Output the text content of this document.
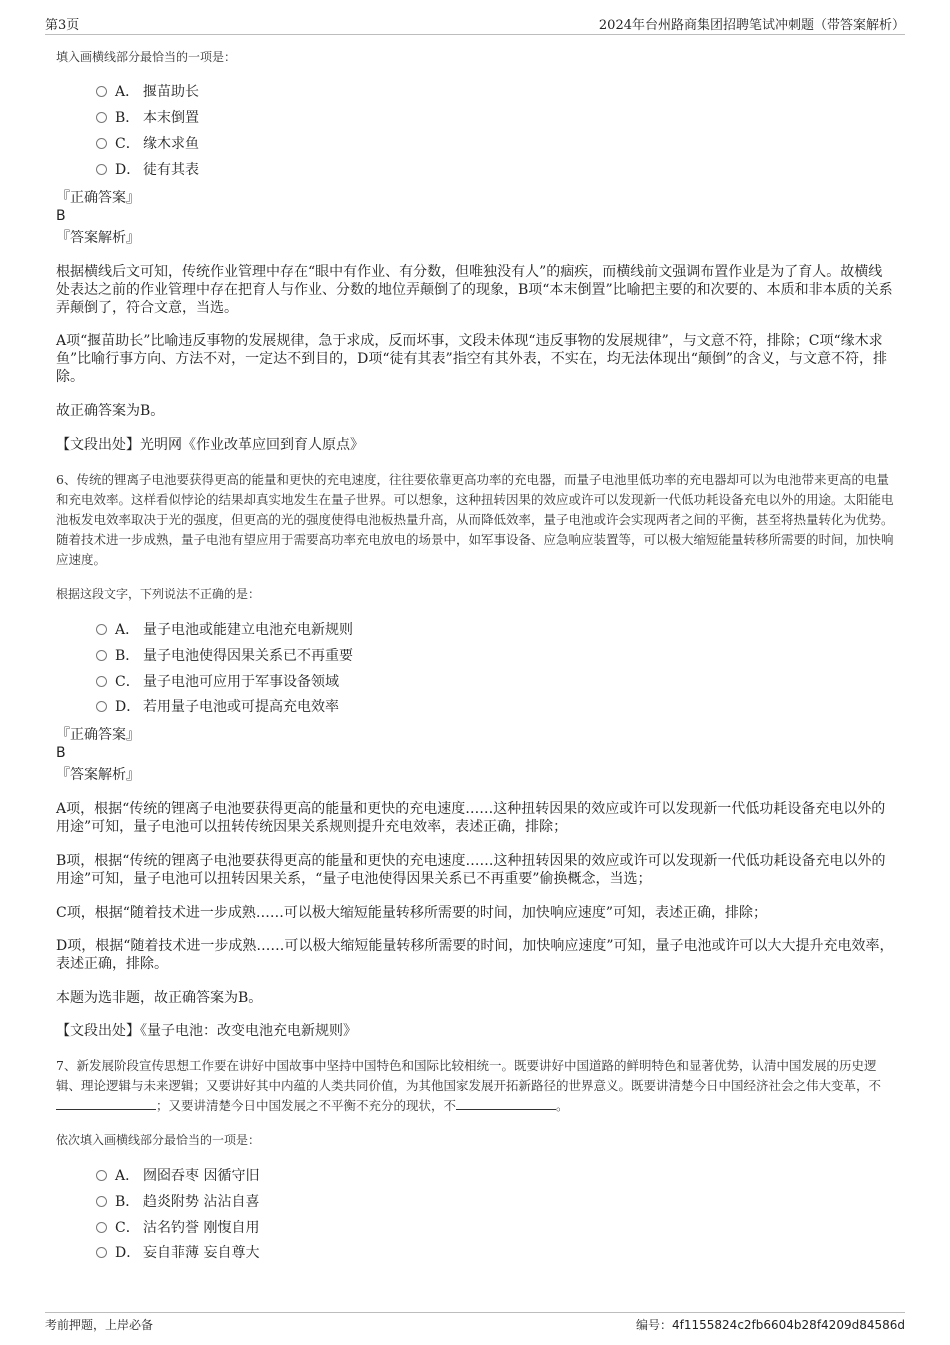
第3页	2024年台州路商集团招聘笔试冲刺题（带答案解析）
填入画横线部分最恰当的一项是：
A． 揠苗助长
B． 本末倒置
C． 缘木求鱼
D． 徒有其表
『正确答案』
B
『答案解析』
根据横线后文可知，传统作业管理中存在“眼中有作业、有分数，但唯独没有人”的痼疾，而横线前文强调布置作业是为了育人。故横线处表达之前的作业管理中存在把育人与作业、分数的地位弄颠倒了的现象，B项“本末倒置”比喻把主要的和次要的、本质和非本质的关系弄颠倒了，符合文意，当选。
A项“揠苗助长”比喻违反事物的发展规律，急于求成，反而坏事，文段未体现“违反事物的发展规律”，与文意不符，排除；C项“缘木求鱼”比喻行事方向、方法不对，一定达不到目的，D项“徒有其表”指空有其外表，不实在，均无法体现出“颠倒”的含义，与文意不符，排除。
故正确答案为B。
【文段出处】光明网《作业改革应回到育人原点》
6、传统的锂离子电池要获得更高的能量和更快的充电速度，往往要依靠更高功率的充电器，而量子电池里低功率的充电器却可以为电池带来更高的电量和充电效率。这样看似悖论的结果却真实地发生在量子世界。可以想象，这种扭转因果的效应或许可以发现新一代低功耗设备充电以外的用途。太阳能电池板发电效率取决于光的强度，但更高的光的强度使得电池板热量升高，从而降低效率，量子电池或许会实现两者之间的平衡，甚至将热量转化为优势。随着技术进一步成熟，量子电池有望应用于需要高功率充电放电的场景中，如军事设备、应急响应装置等，可以极大缩短能量转移所需要的时间，加快响应速度。
根据这段文字，下列说法不正确的是：
A． 量子电池或能建立电池充电新规则
B． 量子电池使得因果关系已不再重要
C． 量子电池可应用于军事设备领域
D． 若用量子电池或可提高充电效率
『正确答案』
B
『答案解析』
A项，根据“传统的锂离子电池要获得更高的能量和更快的充电速度……这种扭转因果的效应或许可以发现新一代低功耗设备充电以外的用途”可知，量子电池可以扭转传统因果关系规则提升充电效率，表述正确，排除；
B项，根据“传统的锂离子电池要获得更高的能量和更快的充电速度……这种扭转因果的效应或许可以发现新一代低功耗设备充电以外的用途”可知，量子电池可以扭转因果关系，“量子电池使得因果关系已不再重要”偷换概念，当选；
C项，根据“随着技术进一步成熟……可以极大缩短能量转移所需要的时间，加快响应速度”可知，表述正确，排除；
D项，根据“随着技术进一步成熟……可以极大缩短能量转移所需要的时间，加快响应速度”可知，量子电池或许可以大大提升充电效率，表述正确，排除。
本题为选非题，故正确答案为B。
【文段出处】《量子电池：改变电池充电新规则》
7、新发展阶段宣传思想工作要在讲好中国故事中坚持中国特色和国际比较相统一。既要讲好中国道路的鲜明特色和显著优势，认清中国发展的历史逻辑、理论逻辑与未来逻辑；又要讲好其中内蕴的人类共同价值，为其他国家发展开拓新路径的世界意义。既要讲清楚今日中国经济社会之伟大变革，不；又要讲清楚今日中国发展之不平衡不充分的现状，不	。
依次填入画横线部分最恰当的一项是：
A． 囫囵吞枣 因循守旧
B． 趋炎附势 沾沾自喜
C． 沽名钓誉 刚愎自用
D． 妄自菲薄 妄自尊大
考前押题，上岸必备	编号：4f1155824c2fb6604b28f4209d84586d
